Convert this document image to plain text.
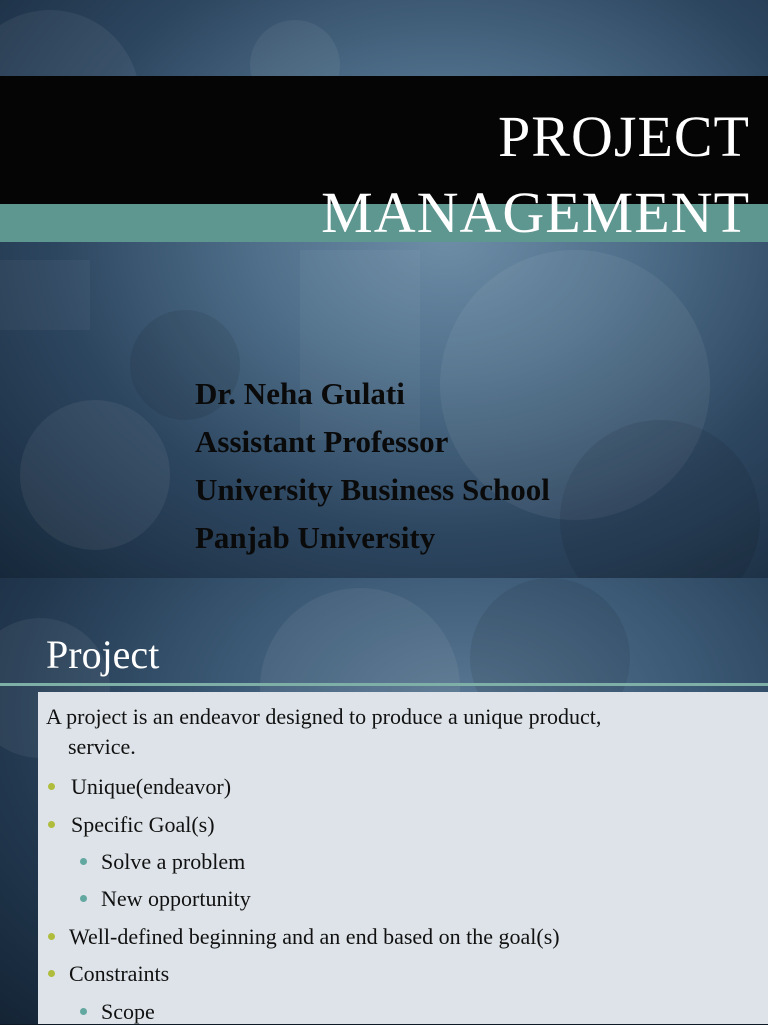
PROJECT
MANAGEMENT
Dr. Neha Gulati
Assistant Professor
University Business School
Panjab University
Project
A project is an endeavor designed to produce a unique product,
service.
Unique(endeavor)
Specific Goal(s)
Solve a problem
New opportunity
Well-defined beginning and an end based on the goal(s)
Constraints
Scope
